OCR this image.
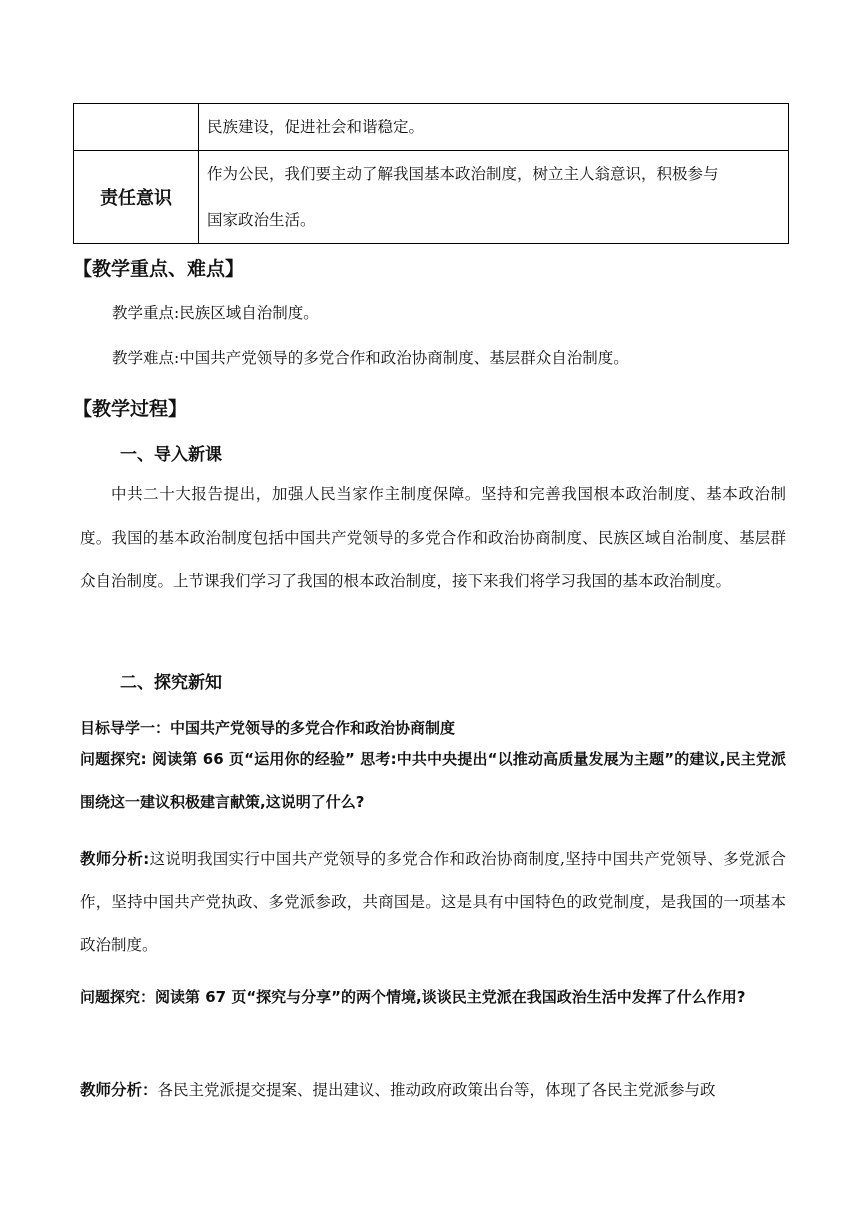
	民族建设，促进社会和谐稳定。
责任意识	作为公民，我们要主动了解我国基本政治制度，树立主人翁意识，积极参与
国家政治生活。
【教学重点、难点】
教学重点:民族区域自治制度。
教学难点:中国共产党领导的多党合作和政治协商制度、基层群众自治制度。
【教学过程】
一、导入新课
中共二十大报告提出，加强人民当家作主制度保障。坚持和完善我国根本政治制度、基本政治制度。我国的基本政治制度包括中国共产党领导的多党合作和政治协商制度、民族区域自治制度、基层群众自治制度。上节课我们学习了我国的根本政治制度，接下来我们将学习我国的基本政治制度。
二、探究新知
目标导学一：中国共产党领导的多党合作和政治协商制度
问题探究: 阅读第 66 页“运用你的经验” 思考:中共中央提出“以推动高质量发展为主题”的建议,民主党派围绕这一建议积极建言献策,这说明了什么?
教师分析:这说明我国实行中国共产党领导的多党合作和政治协商制度,坚持中国共产党领导、多党派合作，坚持中国共产党执政、多党派参政，共商国是。这是具有中国特色的政党制度，是我国的一项基本政治制度。
问题探究：阅读第 67 页“探究与分享”的两个情境,谈谈民主党派在我国政治生活中发挥了什么作用?
教师分析：各民主党派提交提案、提出建议、推动政府政策出台等，体现了各民主党派参与政
